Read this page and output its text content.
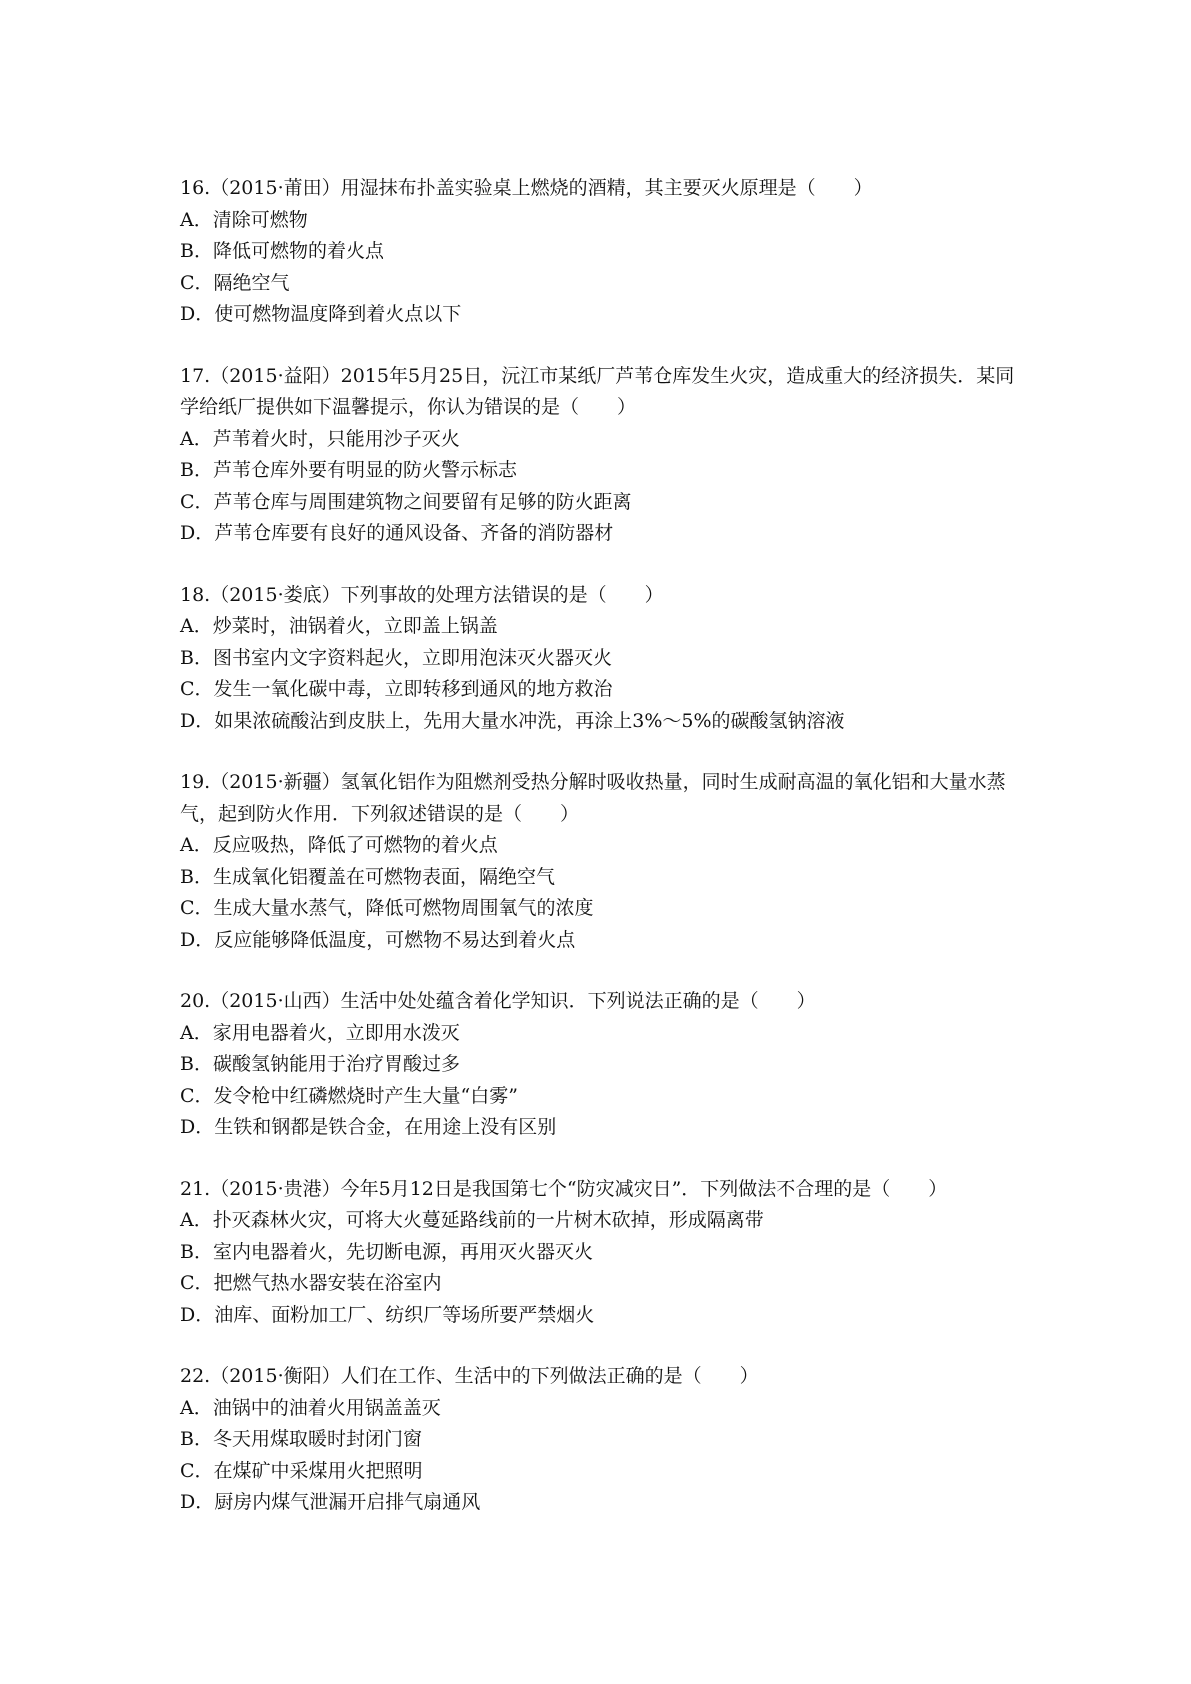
16.（2015·莆田）用湿抹布扑盖实验桌上燃烧的酒精，其主要灭火原理是（　　）

A．清除可燃物

B．降低可燃物的着火点

C．隔绝空气

D．使可燃物温度降到着火点以下

17.（2015·益阳）2015年5月25日，沅江市某纸厂芦苇仓库发生火灾，造成重大的经济损失．某同学给纸厂提供如下温馨提示，你认为错误的是（　　）

A．芦苇着火时，只能用沙子灭火

B．芦苇仓库外要有明显的防火警示标志

C．芦苇仓库与周围建筑物之间要留有足够的防火距离

D．芦苇仓库要有良好的通风设备、齐备的消防器材

18.（2015·娄底）下列事故的处理方法错误的是（　　）

A．炒菜时，油锅着火，立即盖上锅盖

B．图书室内文字资料起火，立即用泡沫灭火器灭火

C．发生一氧化碳中毒，立即转移到通风的地方救治

D．如果浓硫酸沾到皮肤上，先用大量水冲洗，再涂上3%～5%的碳酸氢钠溶液

19.（2015·新疆）氢氧化铝作为阻燃剂受热分解时吸收热量，同时生成耐高温的氧化铝和大量水蒸气，起到防火作用．下列叙述错误的是（　　）

A．反应吸热，降低了可燃物的着火点

B．生成氧化铝覆盖在可燃物表面，隔绝空气

C．生成大量水蒸气，降低可燃物周围氧气的浓度

D．反应能够降低温度，可燃物不易达到着火点

20.（2015·山西）生活中处处蕴含着化学知识．下列说法正确的是（　　）

A．家用电器着火，立即用水泼灭

B．碳酸氢钠能用于治疗胃酸过多

C．发令枪中红磷燃烧时产生大量“白雾”

D．生铁和钢都是铁合金，在用途上没有区别

21.（2015·贵港）今年5月12日是我国第七个“防灾减灾日”．下列做法不合理的是（　　）

A．扑灭森林火灾，可将大火蔓延路线前的一片树木砍掉，形成隔离带

B．室内电器着火，先切断电源，再用灭火器灭火

C．把燃气热水器安装在浴室内

D．油库、面粉加工厂、纺织厂等场所要严禁烟火

22.（2015·衡阳）人们在工作、生活中的下列做法正确的是（　　）

A．油锅中的油着火用锅盖盖灭

B．冬天用煤取暖时封闭门窗

C．在煤矿中采煤用火把照明

D．厨房内煤气泄漏开启排气扇通风
